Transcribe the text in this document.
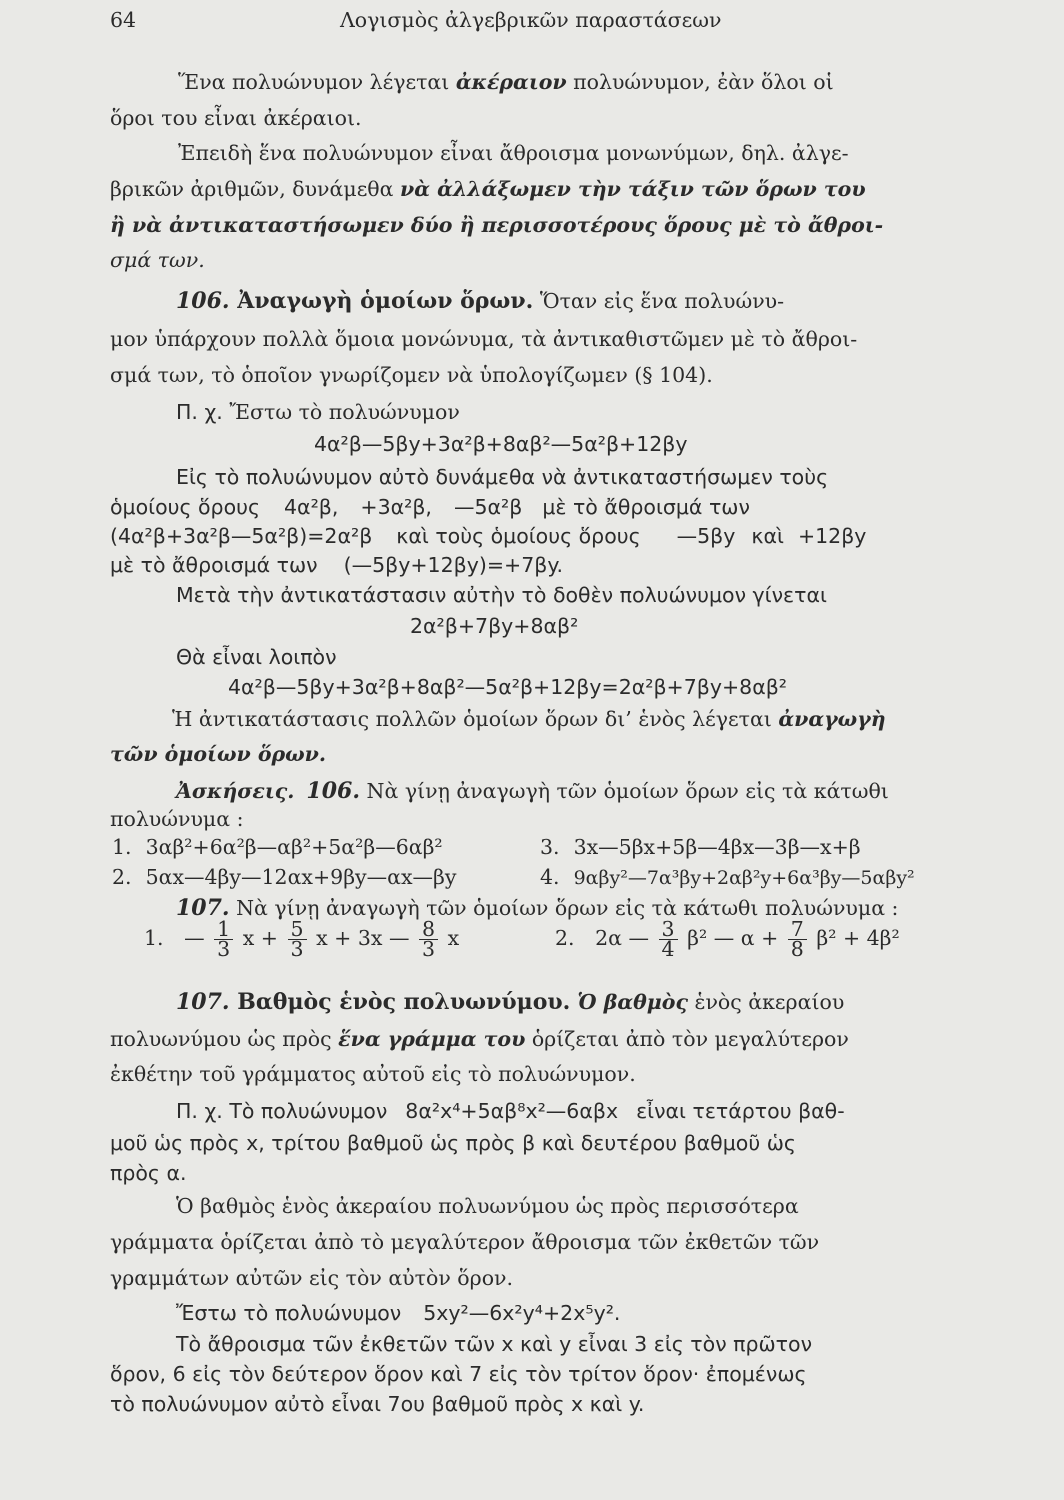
64	Λογισμὸς ἀλγεβρικῶν παραστάσεων

Ἕνα πολυώνυμον λέγεται ἀκέραιον πολυώνυμον, ἐὰν ὅλοι οἱ

ὅροι του εἶναι ἀκέραιοι.

Ἐπειδὴ ἕνα πολυώνυμον εἶναι ἄθροισμα μονωνύμων, δηλ. ἀλγε-

βρικῶν ἀριθμῶν, δυνάμεθα νὰ ἀλλάξωμεν τὴν τάξιν τῶν ὅρων του

ἢ νὰ ἀντικαταστήσωμεν δύο ἢ περισσοτέρους ὅρους μὲ τὸ ἄθροι-

σμά των.

106. Ἀναγωγὴ ὁμοίων ὅρων. Ὅταν εἰς ἕνα πολυώνυ-

μον ὑπάρχουν πολλὰ ὅμοια μονώνυμα, τὰ ἀντικαθιστῶμεν μὲ τὸ ἄθροι-

σμά των, τὸ ὁποῖον γνωρίζομεν νὰ ὑπολογίζωμεν (§ 104).

Π. χ. Ἔστω τὸ πολυώνυμον

4α²β—5βy+3α²β+8αβ²—5α²β+12βy

Εἰς τὸ πολυώνυμον αὐτὸ δυνάμεθα νὰ ἀντικαταστήσωμεν τοὺς

ὁμοίους ὅρους 4α²β, +3α²β, —5α²β μὲ τὸ ἄθροισμά των

(4α²β+3α²β—5α²β)=2α²β καὶ τοὺς ὁμοίους ὅρους —5βy καὶ +12βy

μὲ τὸ ἄθροισμά των (—5βy+12βy)=+7βy.

Μετὰ τὴν ἀντικατάστασιν αὐτὴν τὸ δοθὲν πολυώνυμον γίνεται

2α²β+7βy+8αβ²

Θὰ εἶναι λοιπὸν

4α²β—5βy+3α²β+8αβ²—5α²β+12βy=2α²β+7βy+8αβ²

Ἡ ἀντικατάστασις πολλῶν ὁμοίων ὅρων δι’ ἑνὸς λέγεται ἀναγωγὴ

τῶν ὁμοίων ὅρων.

Ἀσκήσεις. 106. Νὰ γίνῃ ἀναγωγὴ τῶν ὁμοίων ὅρων εἰς τὰ κάτωθι

πολυώνυμα :

1. 3αβ²+6α²β—αβ²+5α²β—6αβ²	3. 3x—5βx+5β—4βx—3β—x+β

2. 5αx—4βy—12αx+9βy—αx—βy	4. 9αβy²—7α³βy+2αβ²y+6α³βy—5αβy²

107. Νὰ γίνῃ ἀναγωγὴ τῶν ὁμοίων ὅρων εἰς τὰ κάτωθι πολυώνυμα :

1. — $\frac{1}{3}$ $x + \frac{5}{3}$ x + 3x — $\frac{8}{3}$ x	2. 2α — $\frac{3}{4} \beta^2$ — $\alpha + \frac{7}{8} \beta^2 + 4\beta^2$

107. Βαθμὸς ἑνὸς πολυωνύμου. Ὁ βαθμὸς ἑνὸς ἀκεραίου

πολυωνύμου ὡς πρὸς ἕνα γράμμα του ὁρίζεται ἀπὸ τὸν μεγαλύτερον

ἐκθέτην τοῦ γράμματος αὐτοῦ εἰς τὸ πολυώνυμον.

Π. χ. Τὸ πολυώνυμον 8α²x⁴+5αβ⁸x²—6αβx εἶναι τετάρτου βαθ-

μοῦ ὡς πρὸς x, τρίτου βαθμοῦ ὡς πρὸς β καὶ δευτέρου βαθμοῦ ὡς

πρὸς α.

Ὁ βαθμὸς ἑνὸς ἀκεραίου πολυωνύμου ὡς πρὸς περισσότερα

γράμματα ὁρίζεται ἀπὸ τὸ μεγαλύτερον ἄθροισμα τῶν ἐκθετῶν τῶν

γραμμάτων αὐτῶν εἰς τὸν αὐτὸν ὅρον.

Ἔστω τὸ πολυώνυμον 5xy²—6x²y⁴+2x⁵y².

Τὸ ἄθροισμα τῶν ἐκθετῶν τῶν x καὶ y εἶναι 3 εἰς τὸν πρῶτον

ὅρον, 6 εἰς τὸν δεύτερον ὅρον καὶ 7 εἰς τὸν τρίτον ὅρον· ἐπομένως

τὸ πολυώνυμον αὐτὸ εἶναι 7ου βαθμοῦ πρὸς x καὶ y.
